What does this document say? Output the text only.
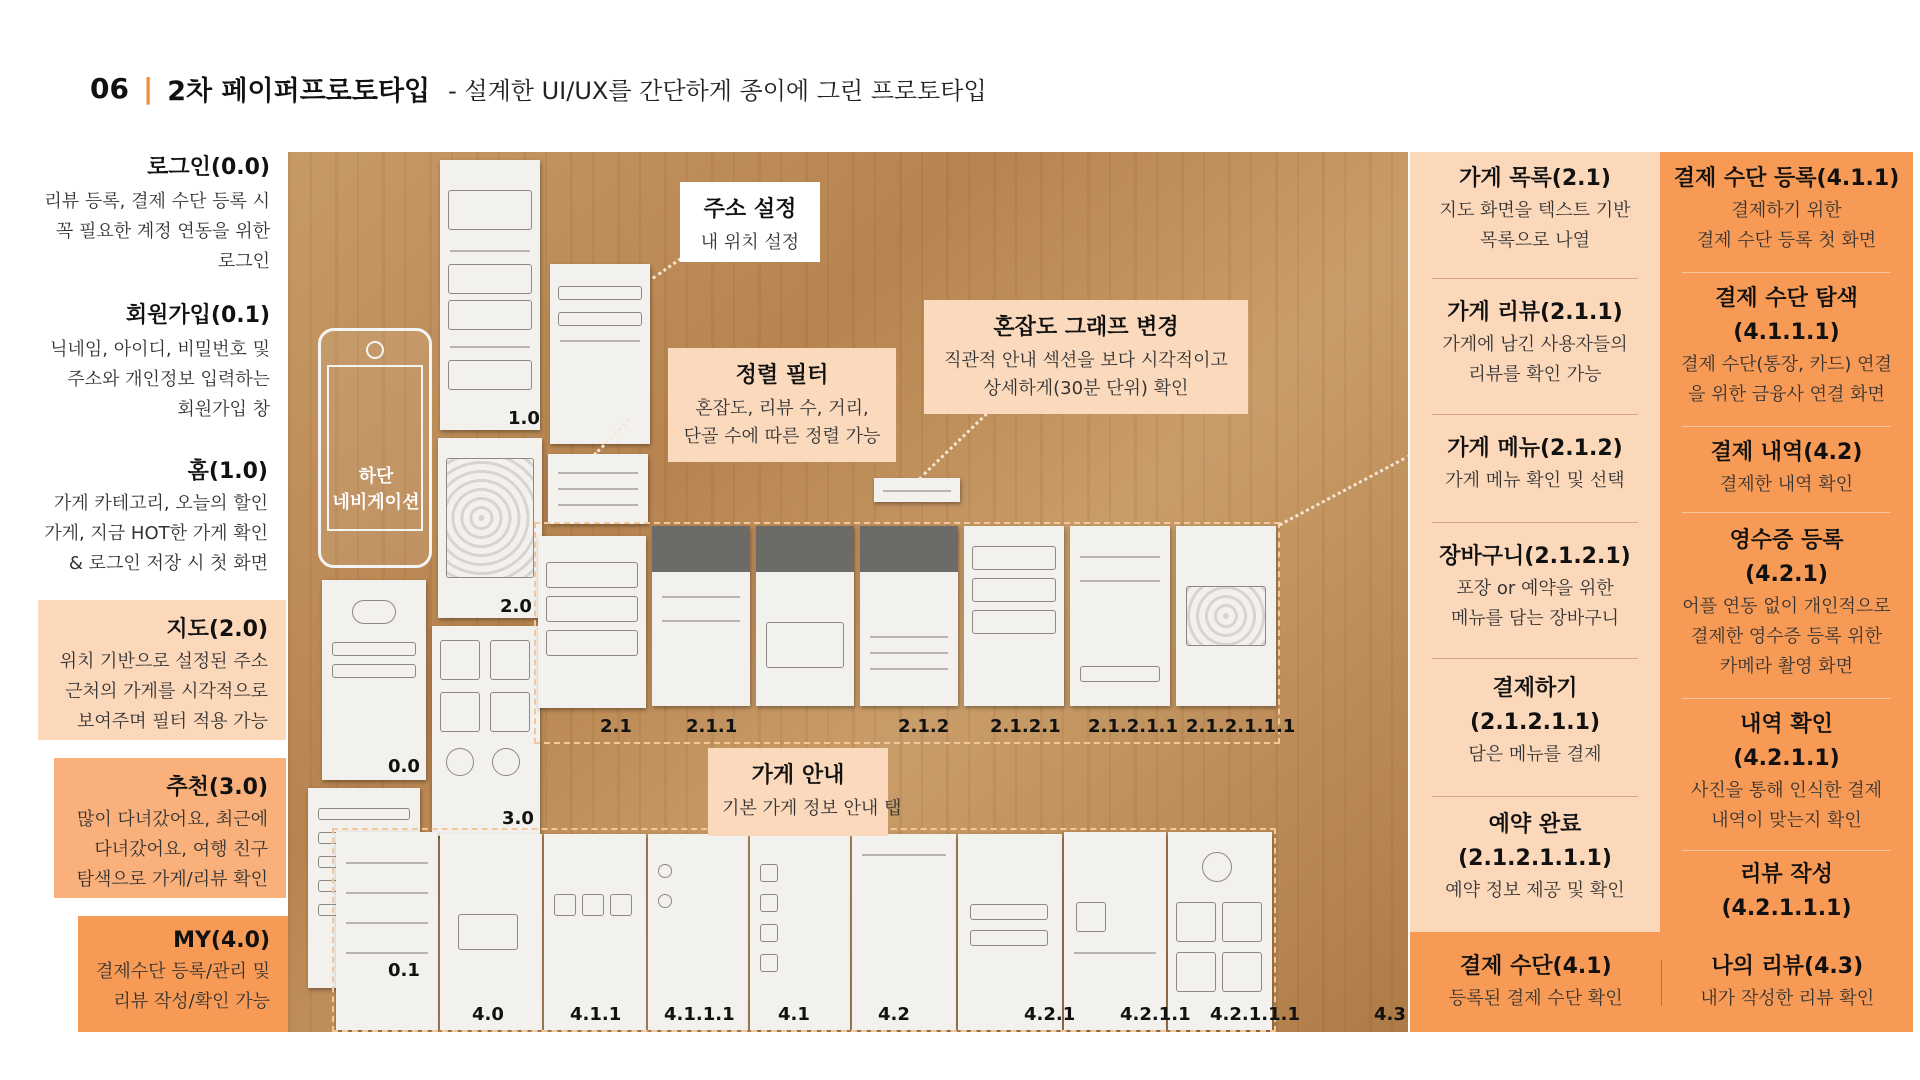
06 | 2차 페이퍼프로토타입 - 설계한 UI/UX를 간단하게 종이에 그린 프로토타입
로그인(0.0)

리뷰 등록, 결제 수단 등록 시

꼭 필요한 계정 연동을 위한

로그인

회원가입(0.1)

닉네임, 아이디, 비밀번호 및

주소와 개인정보 입력하는

회원가입 창

홈(1.0)

가게 카테고리, 오늘의 할인

가게, 지금 HOT한 가게 확인

& 로그인 저장 시 첫 화면

지도(2.0)

위치 기반으로 설정된 주소

근처의 가게를 시각적으로

보여주며 필터 적용 가능

추천(3.0)

많이 다녀갔어요, 최근에

다녀갔어요, 여행 친구

탐색으로 가게/리뷰 확인

MY(4.0)

결제수단 등록/관리 및

리뷰 작성/확인 가능

하단
네비게이션
1.0
2.0
3.0
0.0
0.1
2.1	2.1.1	2.1.2 2.1.2.1 2.1.2.1.1 2.1.2.1.1.1
4.0	4.1.1 4.1.1.1 4.1	4.2	4.2.1 4.2.1.1 4.2.1.1.1	4.3
주소 설정

내 위치 설정

정렬 필터

혼잡도, 리뷰 수, 거리,

단골 수에 따른 정렬 가능

혼잡도 그래프 변경

직관적 안내 섹션을 보다 시각적이고

상세하게(30분 단위) 확인

가게 안내

기본 가게 정보 안내 탭

가게 목록(2.1)

지도 화면을 텍스트 기반

목록으로 나열

가게 리뷰(2.1.1)

가게에 남긴 사용자들의

리뷰를 확인 가능

가게 메뉴(2.1.2)

가게 메뉴 확인 및 선택

장바구니(2.1.2.1)

포장 or 예약을 위한

메뉴를 담는 장바구니

결제하기
(2.1.2.1.1)

담은 메뉴를 결제

예약 완료
(2.1.2.1.1.1)

예약 정보 제공 및 확인

결제 수단 등록(4.1.1)

결제하기 위한

결제 수단 등록 첫 화면

결제 수단 탐색
(4.1.1.1)

결제 수단(통장, 카드) 연결

을 위한 금융사 연결 화면

결제 내역(4.2)

결제한 내역 확인

영수증 등록
(4.2.1)

어플 연동 없이 개인적으로

결제한 영수증 등록 위한

카메라 촬영 화면

내역 확인
(4.2.1.1)

사진을 통해 인식한 결제

내역이 맞는지 확인

리뷰 작성
(4.2.1.1.1)
결제 수단(4.1)

등록된 결제 수단 확인

나의 리뷰(4.3)

내가 작성한 리뷰 확인
